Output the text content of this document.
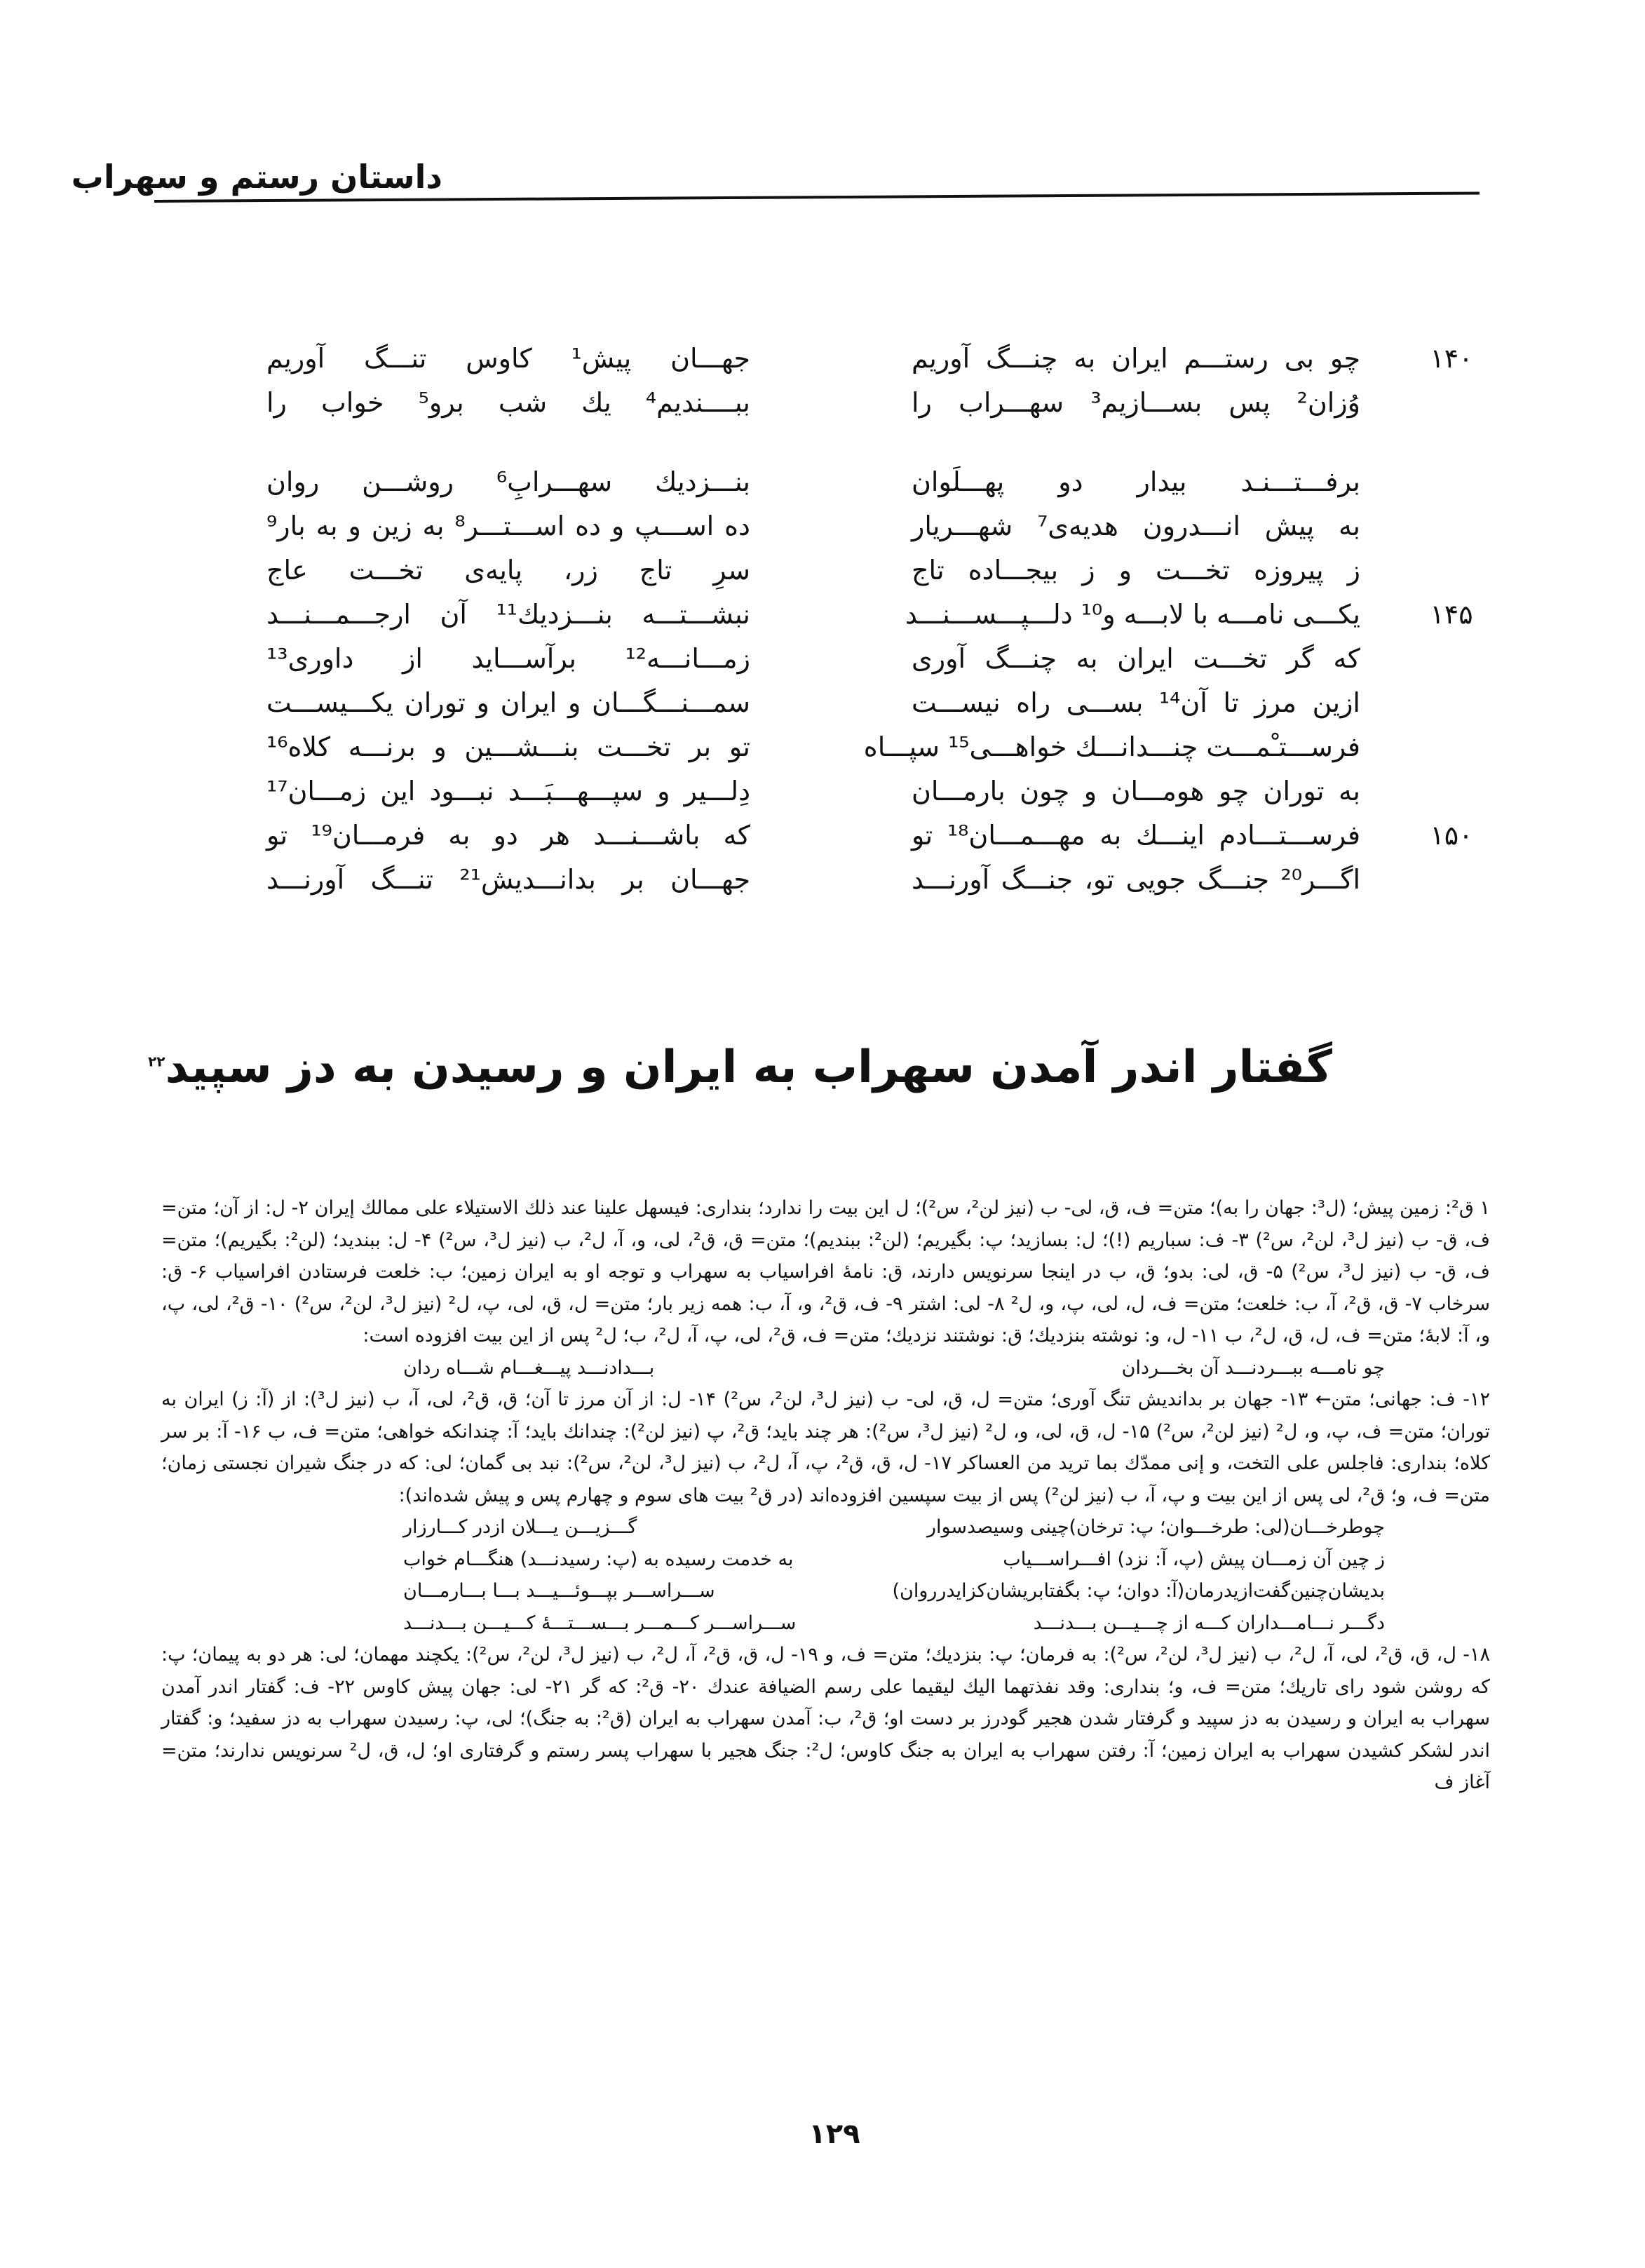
داستان رستم و سهراب
۱۴۰
چو بی رستـــم ایران به چنـــگ آوریم
جهـــان پیش¹ کاوس تنـــگ آوریم
وُزان² پس بســـازیم³ سهـــراب را
ببــــندیم⁴ یك شب برو⁵ خواب را
برفـــتـــنـد بیدار دو پهـــلَوان
بنـــزدیك سهـــرابِ⁶ روشـــن روان
به پیش انـــدرون هدیه‌ی⁷ شهـــریار
ده اســـپ و ده اســـتـــر⁸ به زین و به بار⁹
ز پیروزه تخـــت و ز بیجـــاده تاج
سرِ تاج زر، پایه‌ی تخـــت عاج
۱۴۵
یکـــی نامـــه با لابـــه و¹⁰ دلـــپـــســـنـــد
نبشـــتـــه بنـــزدیك¹¹ آن ارجـــمـــنـــد
که گر تخـــت ایران به چنـــگ آوری
زمـــانـــه¹² برآســـاید از داوری¹³
ازین مرز تا آن¹⁴ بســـی راه نیســـت
سمـــنـــگـــان و ایران و توران یکـــیســـت
فرســـتـْمـــت چنـــدانـــك خواهـــی¹⁵ سپـــاه
تو بر تخـــت بنـــشـــین و برنـــه کلاه¹⁶
به توران چو هومـــان و چون بارمـــان
دِلـــیر و سپـــهـــبَـــد نبـــود این زمـــان¹⁷
۱۵۰
فرســـتـــادم اینـــك به مهـــمـــان¹⁸ تو
که باشـــنـــد هر دو به فرمـــان¹⁹ تو
اگـــر²⁰ جنـــگ جویی تو، جنـــگ آورنـــد
جهـــان بر بدانـــدیش²¹ تنـــگ آورنـــد
گفتار اندر آمدن سهراب به ایران و رسیدن به دز سپید$^{۲۲}$

۱ ق²: زمین پیش؛ (ل³: جهان را به)؛ متن= ف، ق، لی- ب (نیز لن²، س²)؛ ل این بیت را ندارد؛ بنداری: فیسهل علینا عند ذلك الاستیلاء علی ممالك إیران ۲- ل: از آن؛ متن= ف، ق- ب (نیز ل³، لن²، س²) ۳- ف: سباریم (!)؛ ل: بسازید؛ پ: بگیریم؛ (لن²: ببندیم)؛ متن= ق، ق²، لی، و، آ، ل²، ب (نیز ل³، س²) ۴- ل: ببندید؛ (لن²: بگیریم)؛ متن= ف، ق- ب (نیز ل³، س²) ۵- ق، لی: بدو؛ ق، ب در اینجا سرنویس دارند، ق: نامهٔ افراسیاب به سهراب و توجه او به ایران زمین؛ ب: خلعت فرستادن افراسیاب ۶- ق: سرخاب ۷- ق، ق²، آ، ب: خلعت؛ متن= ف، ل، لی، پ، و، ل² ۸- لی: اشتر ۹- ف، ق²، و، آ، ب: همه زیر بار؛ متن= ل، ق، لی، پ، ل² (نیز ل³، لن²، س²) ۱۰- ق²، لی، پ، و، آ: لابهٔ؛ متن= ف، ل، ق، ل²، ب ۱۱- ل، و: نوشته بنزدیك؛ ق: نوشتند نزدیك؛ متن= ف، ق²، لی، پ، آ، ل²، ب؛ ل² پس از این بیت افزوده است:

چو نامـــه ببـــردنـــد آن بخـــردان
بـــدادنـــد پیـــغـــام شـــاه ردان

۱۲- ف: جهانی؛ متن← ۱۳- جهان بر بداندیش تنگ آوری؛ متن= ل، ق، لی- ب (نیز ل³، لن²، س²) ۱۴- ل: از آن مرز تا آن؛ ق، ق²، لی، آ، ب (نیز ل³): از (آ: ز) ایران به توران؛ متن= ف، پ، و، ل² (نیز لن²، س²) ۱۵- ل، ق، لی، و، ل² (نیز ل³، س²): هر چند باید؛ ق²، پ (نیز لن²): چندانك باید؛ آ: چندانکه خواهی؛ متن= ف، ب ۱۶- آ: بر سر کلاه؛ بنداری: فاجلس علی التخت، و إنی ممدّك بما ترید من العساکر ۱۷- ل، ق، ق²، پ، آ، ل²، ب (نیز ل³، لن²، س²): نبد بی گمان؛ لی: که در جنگ شیران نجستی زمان؛ متن= ف، و؛ ق²، لی پس از این بیت و پ، آ، ب (نیز لن²) پس از بیت سپسین افزوده‌اند (در ق² بیت های سوم و چهارم پس و پیش شده‌اند):

چوطرخـــان(لی: طرخـــوان؛ پ: ترخان)چینی وسیصدسوار
گـــزیـــن یـــلان ازدر کـــارزار
ز چین آن زمـــان پیش (پ، آ: نزد) افـــراســـیاب
به خدمت رسیده به (پ: رسیدنـــد) هنگـــام خواب
بدیشان‌چنین‌گفت‌ازیدرمان(آ: دوان؛ پ: بگفتابریشان‌کزایدرروان)
ســـراســـر بپـــوئـــیـــد بـــا بـــارمـــان
دگـــر نـــامـــداران کـــه از چـــیـــن بـــدنـــد
ســـراســـر کـــمـــر بـــســـتـــهٔ کـــیـــن بـــدنـــد

۱۸- ل، ق، ق²، لی، آ، ل²، ب (نیز ل³، لن²، س²): به فرمان؛ پ: بنزدیك؛ متن= ف، و ۱۹- ل، ق، ق²، آ، ل²، ب (نیز ل³، لن²، س²): یکچند مهمان؛ لی: هر دو به پیمان؛ پ: که روشن شود رای تاریك؛ متن= ف، و؛ بنداری: وقد نفذتهما الیك لیقیما علی رسم الضیافة عندك ۲۰- ق²: که گر ۲۱- لی: جهان پیش کاوس ۲۲- ف: گفتار اندر آمدن سهراب به ایران و رسیدن به دز سپید و گرفتار شدن هجیر گودرز بر دست او؛ ق²، ب: آمدن سهراب به ایران (ق²: به جنگ)؛ لی، پ: رسیدن سهراب به دز سفید؛ و: گفتار اندر لشکر کشیدن سهراب به ایران زمین؛ آ: رفتن سهراب به ایران به جنگ کاوس؛ ل²: جنگ هجیر با سهراب پسر رستم و گرفتاری او؛ ل، ق، ل² سرنویس ندارند؛ متن= آغاز ف

۱۲۹
